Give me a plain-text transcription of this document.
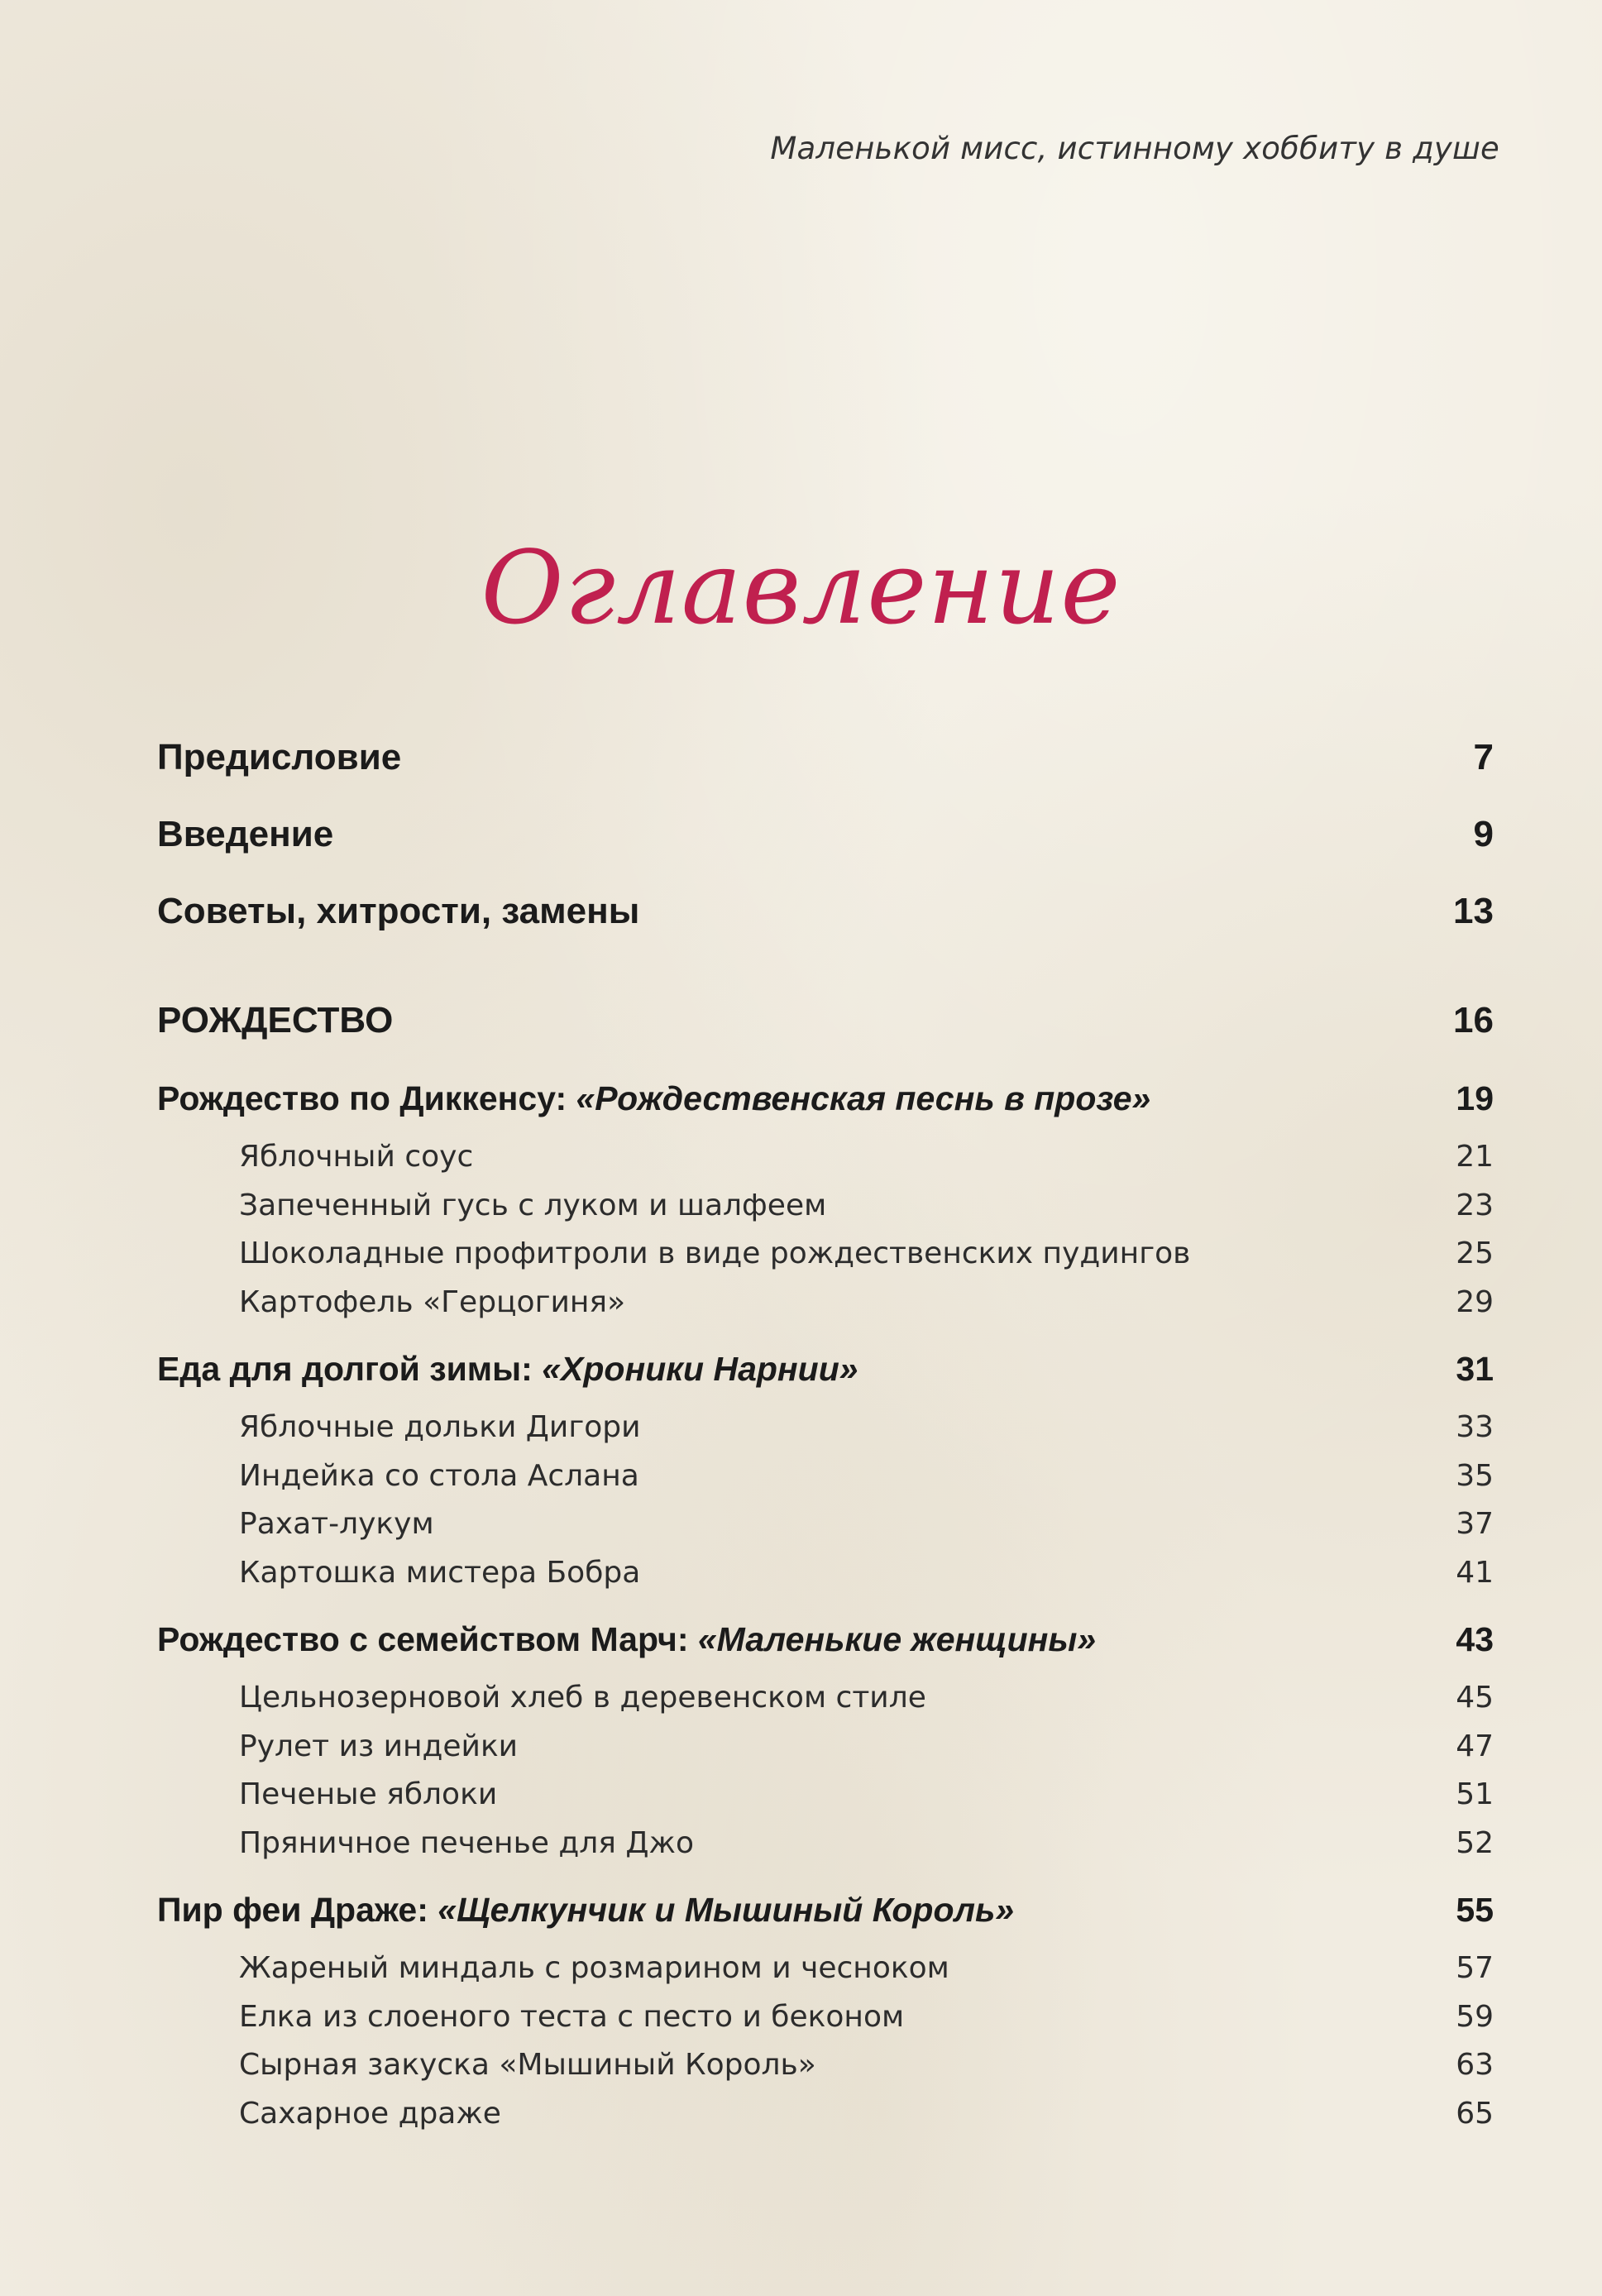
Маленькой мисс, истинному хоббиту в душе
Оглавление
Предисловие	7
Введение	9
Советы, хитрости, замены	13
РОЖДЕСТВО	16
Рождество по Диккенсу: «Рождественская песнь в прозе»	19
Яблочный соус	21
Запеченный гусь с луком и шалфеем	23
Шоколадные профитроли в виде рождественских пудингов	25
Картофель «Герцогиня»	29
Еда для долгой зимы: «Хроники Нарнии»	31
Яблочные дольки Дигори	33
Индейка со стола Аслана	35
Рахат-лукум	37
Картошка мистера Бобра	41
Рождество с семейством Марч: «Маленькие женщины»	43
Цельнозерновой хлеб в деревенском стиле	45
Рулет из индейки	47
Печеные яблоки	51
Пряничное печенье для Джо	52
Пир феи Драже: «Щелкунчик и Мышиный Король»	55
Жареный миндаль с розмарином и чесноком	57
Елка из слоеного теста с песто и беконом	59
Сырная закуска «Мышиный Король»	63
Сахарное драже	65
